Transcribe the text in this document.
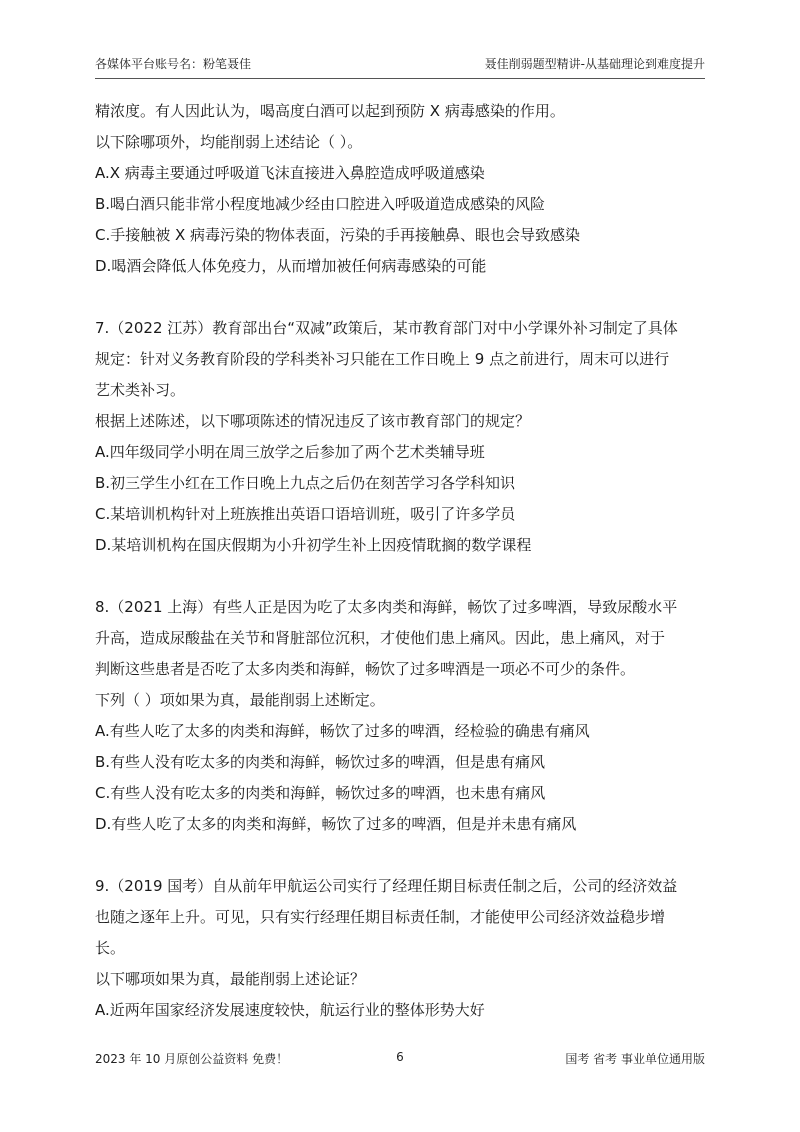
各媒体平台账号名：粉笔聂佳	聂佳削弱题型精讲-从基础理论到难度提升
精浓度。有人因此认为，喝高度白酒可以起到预防 X 病毒感染的作用。
以下除哪项外，均能削弱上述结论（ ）。
A.X 病毒主要通过呼吸道飞沫直接进入鼻腔造成呼吸道感染
B.喝白酒只能非常小程度地减少经由口腔进入呼吸道造成感染的风险
C.手接触被 X 病毒污染的物体表面，污染的手再接触鼻、眼也会导致感染
D.喝酒会降低人体免疫力，从而增加被任何病毒感染的可能
7.（2022 江苏）教育部出台“双减”政策后，某市教育部门对中小学课外补习制定了具体
规定：针对义务教育阶段的学科类补习只能在工作日晚上 9 点之前进行，周末可以进行
艺术类补习。
根据上述陈述，以下哪项陈述的情况违反了该市教育部门的规定？
A.四年级同学小明在周三放学之后参加了两个艺术类辅导班
B.初三学生小红在工作日晚上九点之后仍在刻苦学习各学科知识
C.某培训机构针对上班族推出英语口语培训班，吸引了许多学员
D.某培训机构在国庆假期为小升初学生补上因疫情耽搁的数学课程
8.（2021 上海）有些人正是因为吃了太多肉类和海鲜，畅饮了过多啤酒，导致尿酸水平
升高，造成尿酸盐在关节和肾脏部位沉积，才使他们患上痛风。因此，患上痛风，对于
判断这些患者是否吃了太多肉类和海鲜，畅饮了过多啤酒是一项必不可少的条件。
下列（ ）项如果为真，最能削弱上述断定。
A.有些人吃了太多的肉类和海鲜，畅饮了过多的啤酒，经检验的确患有痛风
B.有些人没有吃太多的肉类和海鲜，畅饮过多的啤酒，但是患有痛风
C.有些人没有吃太多的肉类和海鲜，畅饮过多的啤酒，也未患有痛风
D.有些人吃了太多的肉类和海鲜，畅饮了过多的啤酒，但是并未患有痛风
9.（2019 国考）自从前年甲航运公司实行了经理任期目标责任制之后，公司的经济效益
也随之逐年上升。可见，只有实行经理任期目标责任制，才能使甲公司经济效益稳步增
长。
以下哪项如果为真，最能削弱上述论证？
A.近两年国家经济发展速度较快，航运行业的整体形势大好
2023 年 10 月原创公益资料 免费！	6	国考 省考 事业单位通用版
